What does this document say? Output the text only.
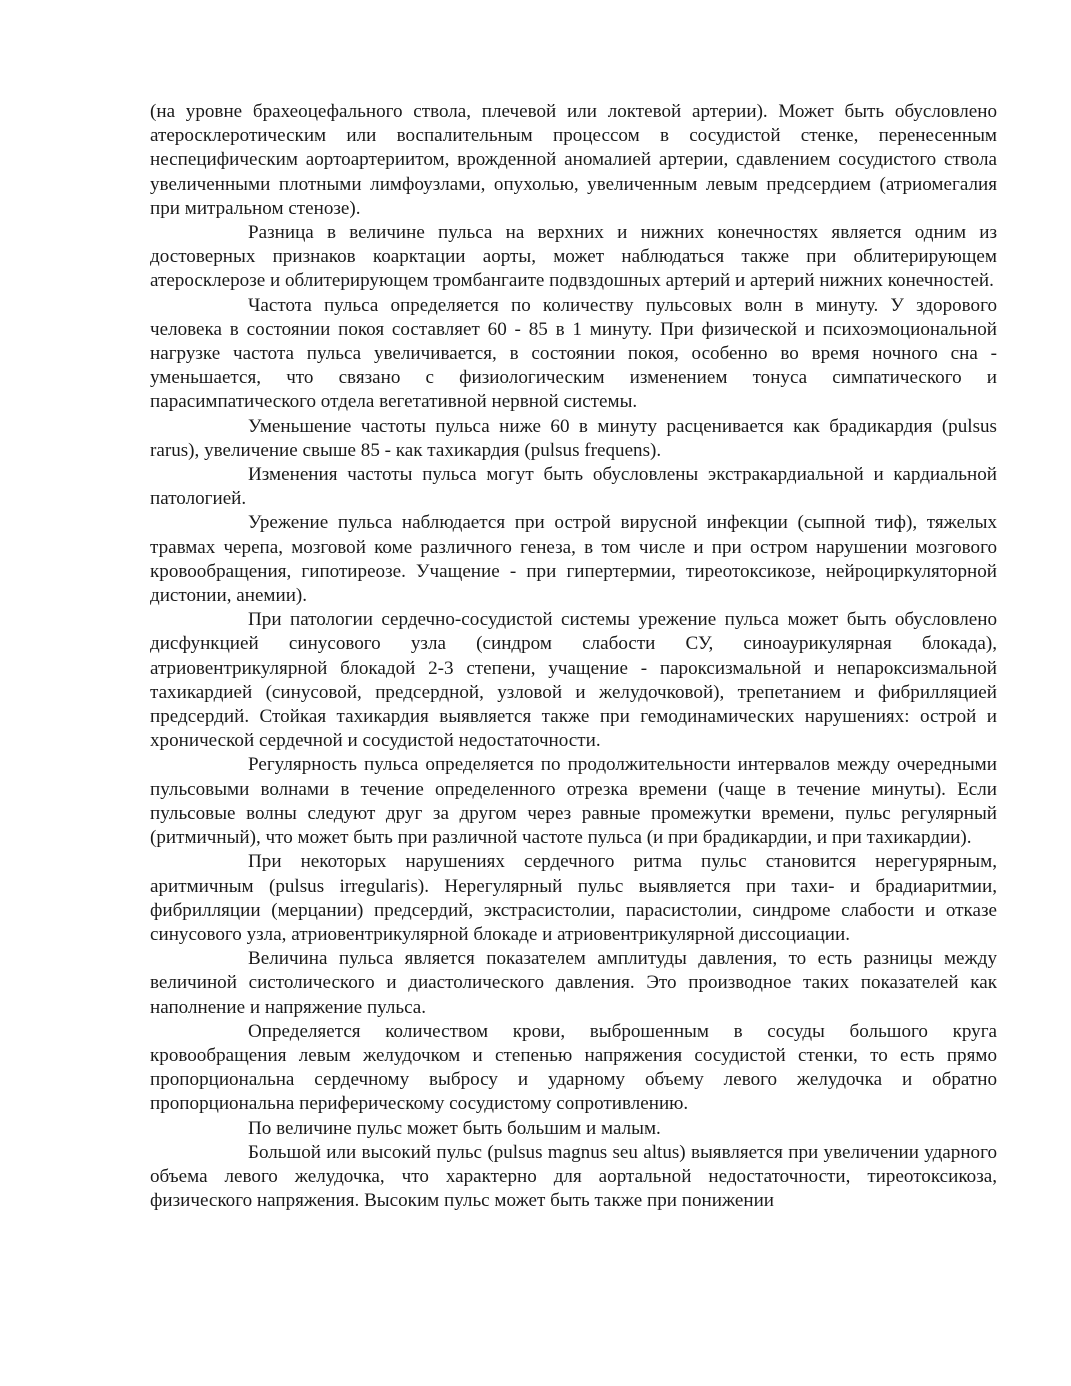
(на уровне брахеоцефального ствола, плечевой или локтевой артерии). Может быть обусловлено атеросклеротическим или воспалительным процессом в сосудистой стенке, перенесенным неспецифическим аортоартериитом, врожденной аномалией артерии, сдавлением сосудистого ствола увеличенными плотными лимфоузлами, опухолью, увеличенным левым предсердием (атриомегалия при митральном стенозе).

Разница в величине пульса на верхних и нижних конечностях является одним из достоверных признаков коарктации аорты, может наблюдаться также при облитерирующем атеросклерозе и облитерирующем тромбангаите подвздошных артерий и артерий нижних конечностей.

Частота пульса определяется по количеству пульсовых волн в минуту. У здорового человека в состоянии покоя составляет 60 - 85 в 1 минуту. При физической и психоэмоциональной нагрузке частота пульса увеличивается, в состоянии покоя, особенно во время ночного сна - уменьшается, что связано с физиологическим изменением тонуса симпатического и парасимпатического отдела вегетативной нервной системы.

Уменьшение частоты пульса ниже 60 в минуту расценивается как брадикардия (pulsus rarus), увеличение свыше 85 - как тахикардия (pulsus frequens).

Изменения частоты пульса могут быть обусловлены экстракардиальной и кардиальной патологией.

Урежение пульса наблюдается при острой вирусной инфекции (сыпной тиф), тяжелых травмах черепа, мозговой коме различного генеза, в том числе и при остром нарушении мозгового кровообращения, гипотиреозе. Учащение - при гипертермии, тиреотоксикозе, нейроциркуляторной дистонии, анемии).

При патологии сердечно-сосудистой системы урежение пульса может быть обусловлено дисфункцией синусового узла (синдром слабости СУ, синоаурикулярная блокада), атриовентрикулярной блокадой 2-3 степени, учащение - пароксизмальной и непароксизмальной тахикардией (синусовой, предсердной, узловой и желудочковой), трепетанием и фибрилляцией предсердий. Стойкая тахикардия выявляется также при гемодинамических нарушениях: острой и хронической сердечной и сосудистой недостаточности.

Регулярность пульса определяется по продолжительности интервалов между очередными пульсовыми волнами в течение определенного отрезка времени (чаще в течение минуты). Если пульсовые волны следуют друг за другом через равные промежутки времени, пульс регулярный (ритмичный), что может быть при различной частоте пульса (и при брадикардии, и при тахикардии).

При некоторых нарушениях сердечного ритма пульс становится нерегурярным, аритмичным (pulsus irregularis). Нерегулярный пульс выявляется при тахи- и брадиаритмии, фибрилляции (мерцании) предсердий, экстрасистолии, парасистолии, синдроме слабости и отказе синусового узла, атриовентрикулярной блокаде и атриовентрикулярной диссоциации.

Величина пульса является показателем амплитуды давления, то есть разницы между величиной систолического и диастолического давления. Это производное таких показателей как наполнение и напряжение пульса.

Определяется количеством крови, выброшенным в сосуды большого круга кровообращения левым желудочком и степенью напряжения сосудистой стенки, то есть прямо пропорциональна сердечному выбросу и ударному объему левого желудочка и обратно пропорциональна периферическому сосудистому сопротивлению.

По величине пульс может быть большим и малым.

Большой или высокий пульс (pulsus magnus seu altus) выявляется при увеличении ударного объема левого желудочка, что характерно для аортальной недостаточности, тиреотоксикоза, физического напряжения. Высоким пульс может быть также при понижении
